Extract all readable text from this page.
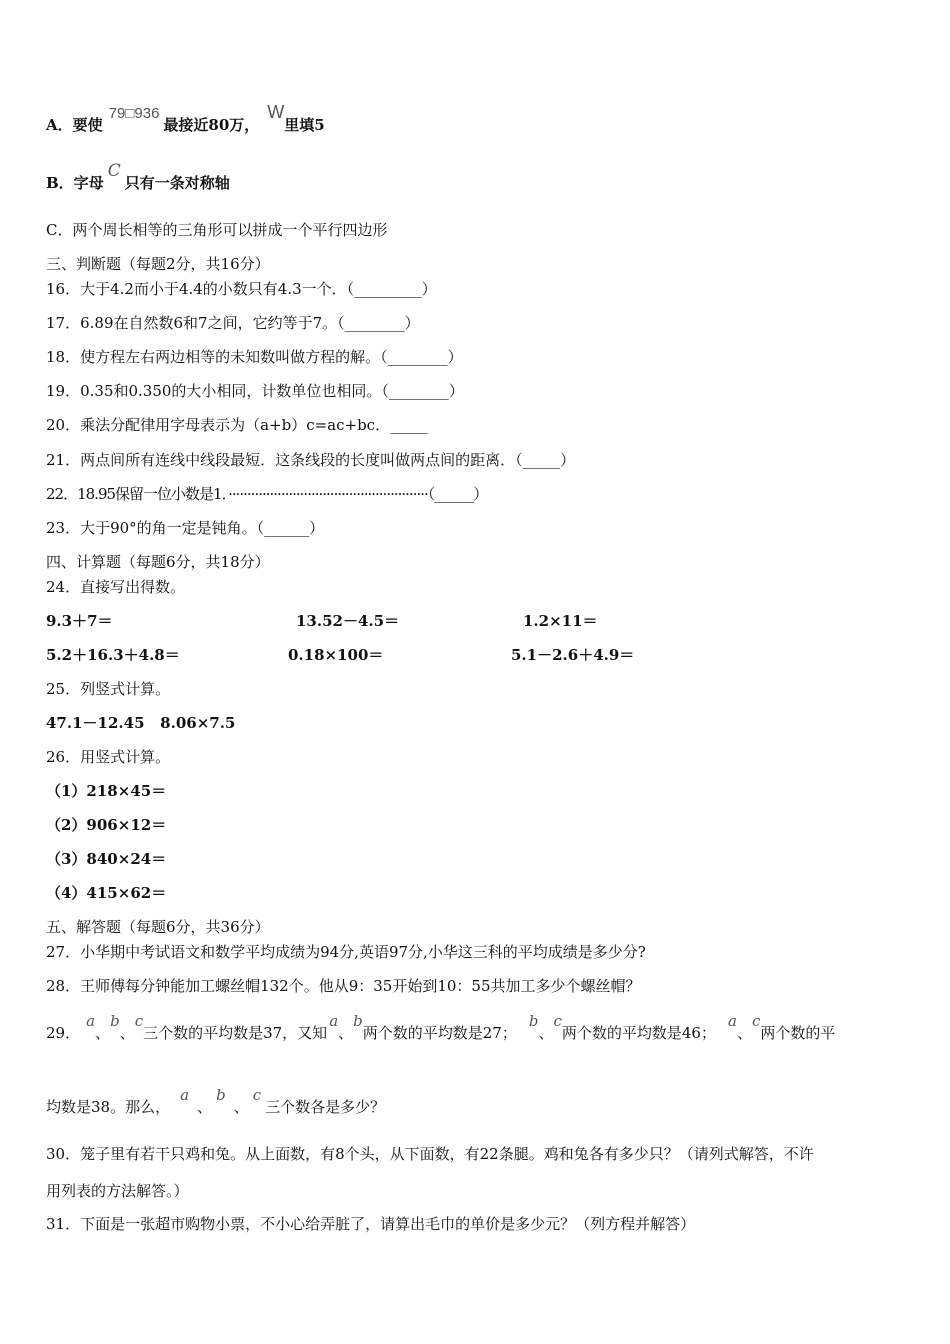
A．要使79□936最接近80万，W里填5
B．字母C只有一条对称轴
C．两个周长相等的三角形可以拼成一个平行四边形
三、判断题（每题2分，共16分）
16．大于4.2而小于4.4的小数只有4.3一个．（_________）
17．6.89在自然数6和7之间，它约等于7。（________）
18．使方程左右两边相等的未知数叫做方程的解。（________）
19．0.35和0.350的大小相同，计数单位也相同。（________）
20．乘法分配律用字母表示为（a+b）c=ac+bc．_____
21．两点间所有连线中线段最短．这条线段的长度叫做两点间的距离．（_____）
22．18.95保留一位小数是1．·····················································（______）
23．大于90°的角一定是钝角。（______）
四、计算题（每题6分，共18分）
24．直接写出得数。
9.3＋7＝	13.52－4.5＝	1.2×11＝
5.2＋16.3＋4.8＝	0.18×100＝	5.1－2.6＋4.9＝
25．列竖式计算。
47.1－12.45   8.06×7.5
26．用竖式计算。
（1）218×45＝
（2）906×12＝
（3）840×24＝
（4）415×62＝
五、解答题（每题6分，共36分）
27．小华期中考试语文和数学平均成绩为94分,英语97分,小华这三科的平均成绩是多少分?
28．王师傅每分钟能加工螺丝帽132个。他从9：35开始到10：55共加工多少个螺丝帽？
29．a、b、c三个数的平均数是37，又知a、b两个数的平均数是27；b、c两个数的平均数是46；a、c两个数的平
均数是38。那么，a、b、c三个数各是多少？
30．笼子里有若干只鸡和兔。从上面数，有8个头，从下面数，有22条腿。鸡和兔各有多少只？（请列式解答，不许
用列表的方法解答。）
31．下面是一张超市购物小票，不小心给弄脏了，请算出毛巾的单价是多少元？（列方程并解答）
